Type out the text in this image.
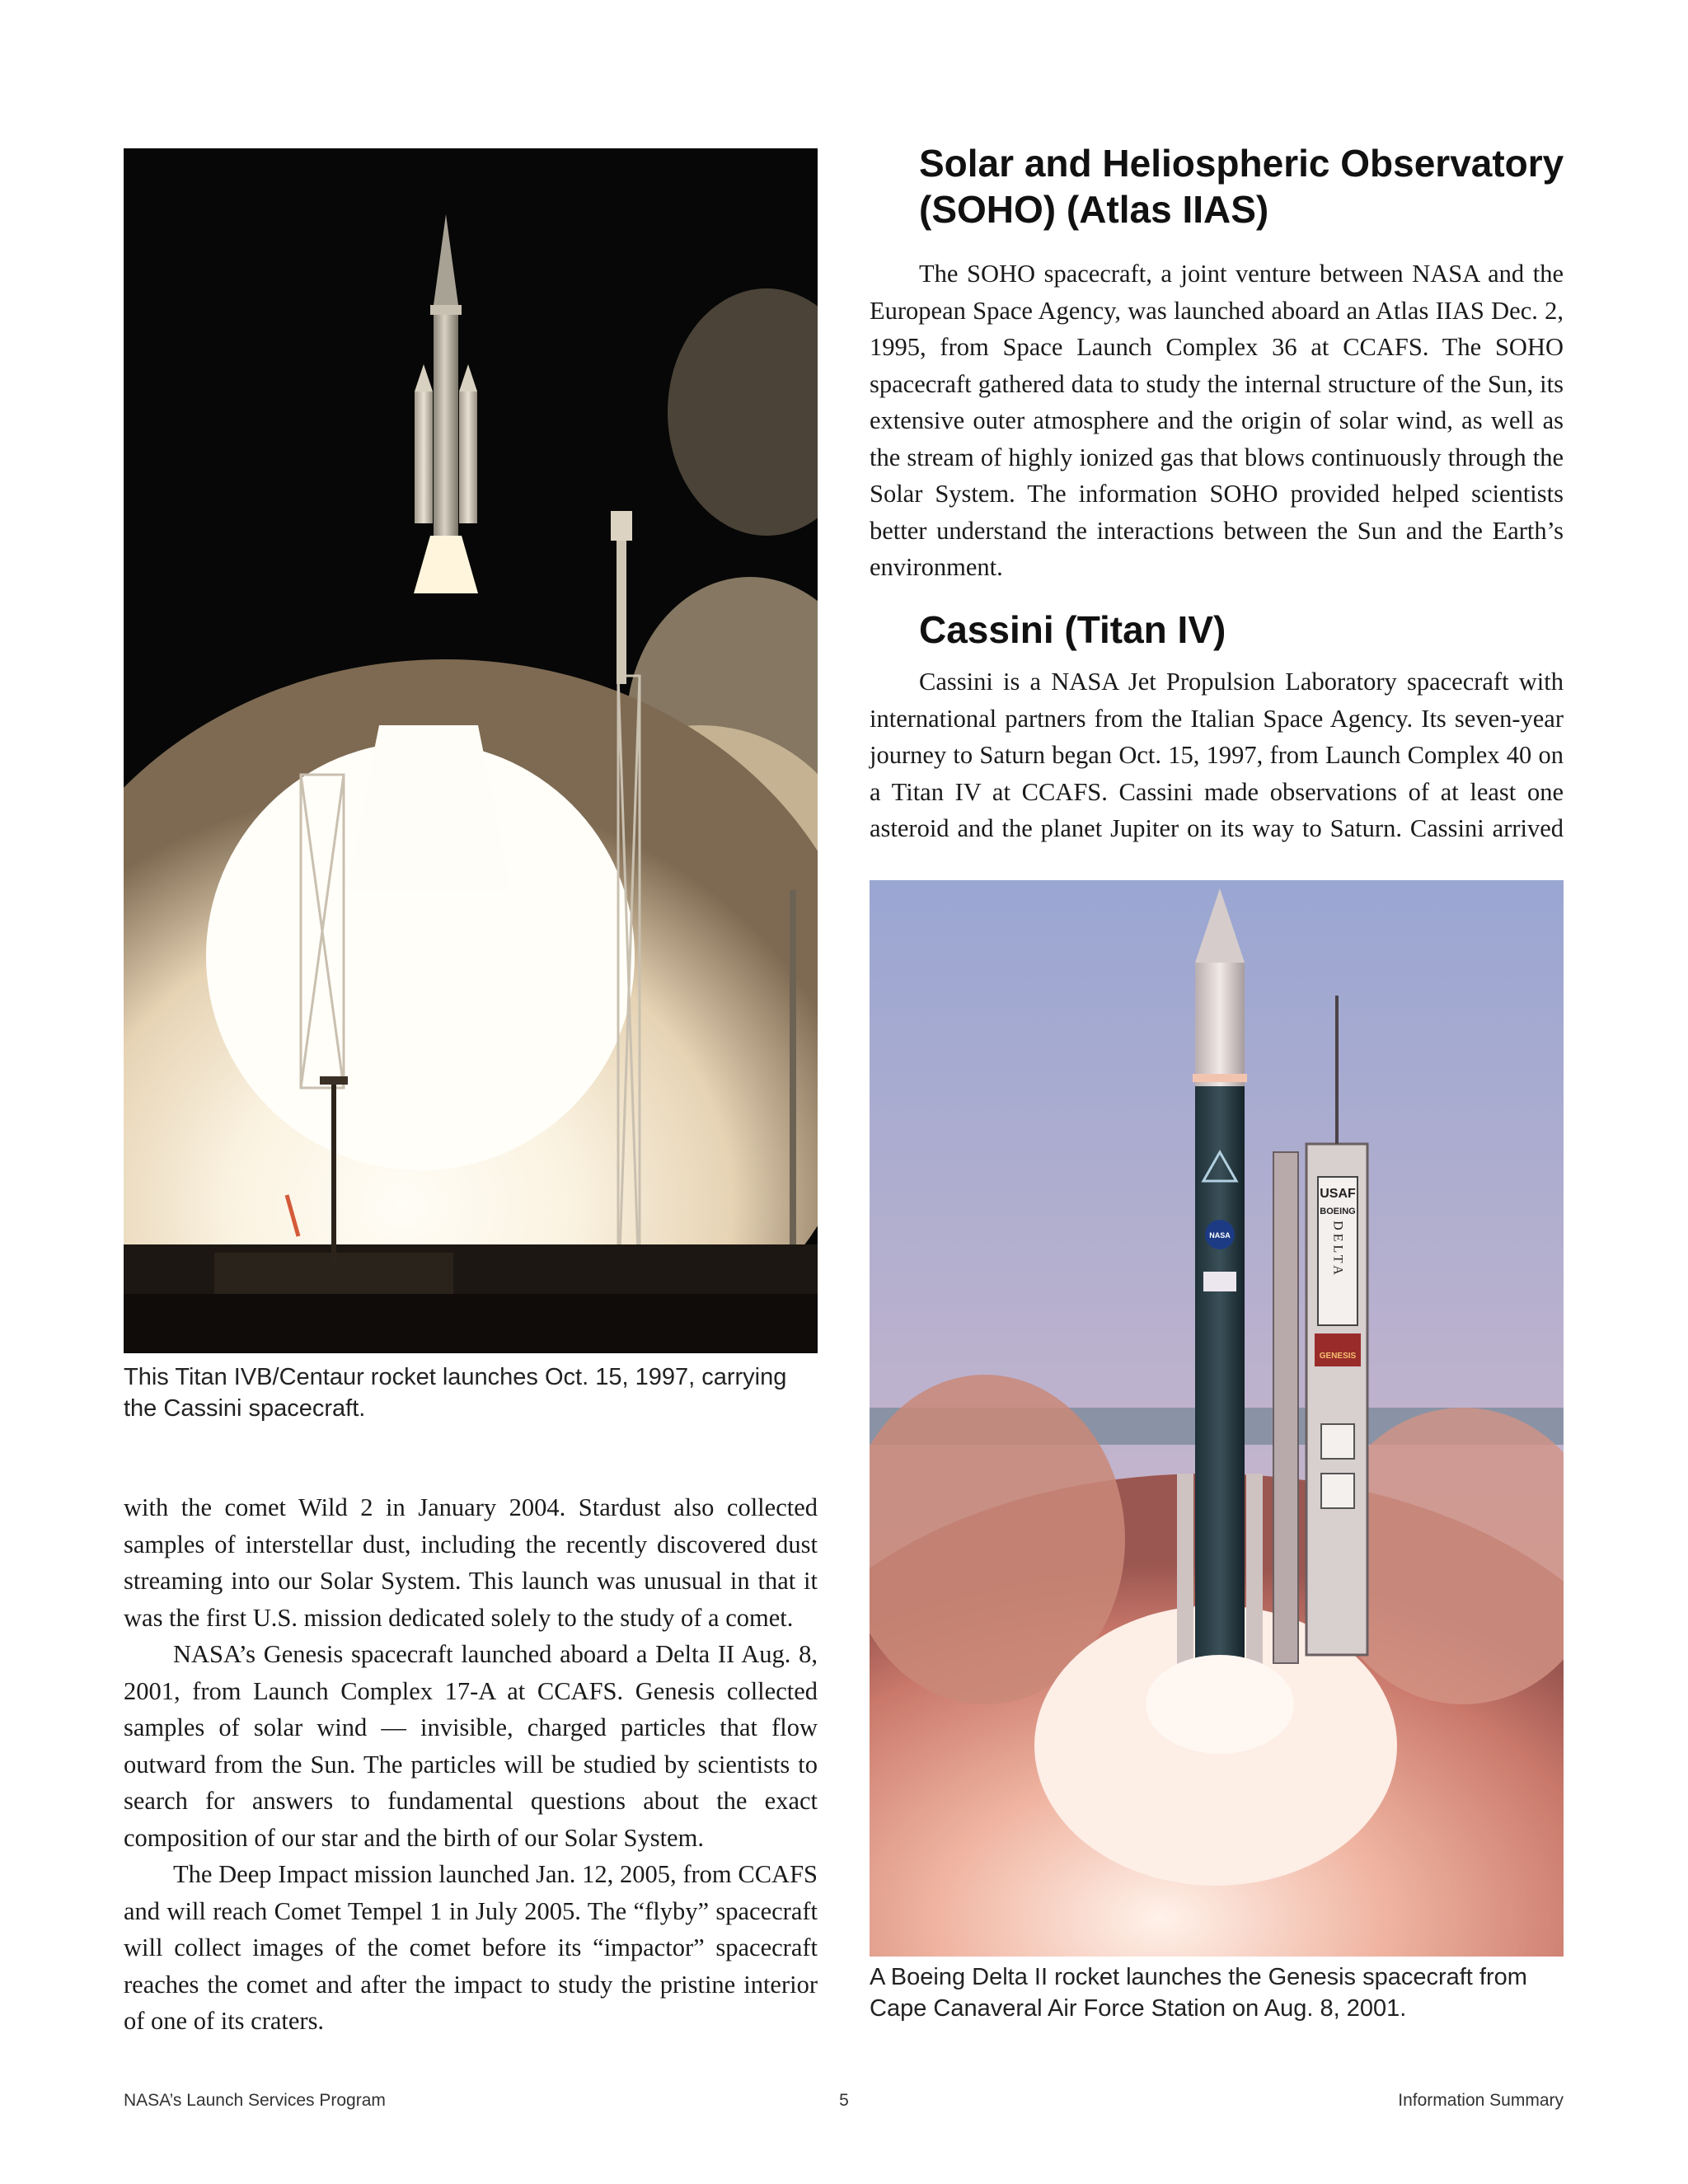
This Titan IVB/Centaur rocket launches Oct. 15, 1997, carrying the Cassini spacecraft.
Solar and Heliospheric Observatory (SOHO) (Atlas IIAS)

The SOHO spacecraft, a joint venture between NASA and the European Space Agency, was launched aboard an Atlas IIAS Dec. 2, 1995, from Space Launch Complex 36 at CCAFS. The SOHO spacecraft gathered data to study the internal structure of the Sun, its extensive outer atmosphere and the origin of solar wind, as well as the stream of highly ionized gas that blows continuously through the Solar System. The information SOHO provided helped scientists better understand the interactions between the Sun and the Earth’s environment.

Cassini (Titan IV)

Cassini is a NASA Jet Propulsion Laboratory spacecraft with international partners from the Italian Space Agency. Its seven-year journey to Saturn began Oct. 15, 1997, from Launch Complex 40 on a Titan IV at CCAFS. Cassini made observations of at least one asteroid and the planet Jupiter on its way to Saturn. Cassini arrived

USAF
BOEING
DELTA
GENESIS
NASA
A Boeing Delta II rocket launches the Genesis spacecraft from Cape Canaveral Air Force Station on Aug. 8, 2001.

with the comet Wild 2 in January 2004. Stardust also collected samples of interstellar dust, including the recently discovered dust streaming into our Solar System. This launch was unusual in that it was the first U.S. mission dedicated solely to the study of a comet.

NASA’s Genesis spacecraft launched aboard a Delta II Aug. 8, 2001, from Launch Complex 17-A at CCAFS. Genesis collected samples of solar wind — invisible, charged particles that flow outward from the Sun. The particles will be studied by scientists to search for answers to fundamental questions about the exact composition of our star and the birth of our Solar System.

The Deep Impact mission launched Jan. 12, 2005, from CCAFS and will reach Comet Tempel 1 in July 2005. The “flyby” spacecraft will collect images of the comet before its “impactor” spacecraft reaches the comet and after the impact to study the pristine interior of one of its craters.

NASA’s Launch Services Program	5	Information Summary
